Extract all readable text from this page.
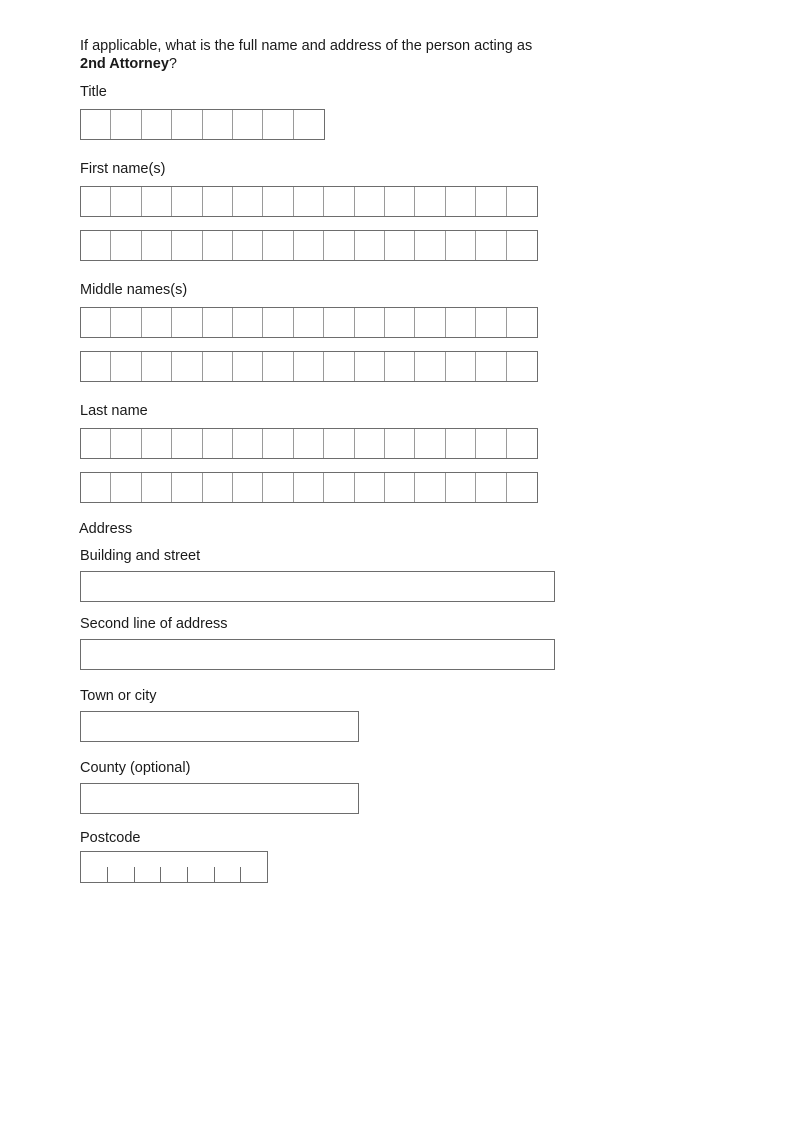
If applicable, what is the full name and address of the person acting as
2nd Attorney?
Title
First name(s)
Middle names(s)
Last name
Address
Building and street
Second line of address
Town or city
County (optional)
Postcode
